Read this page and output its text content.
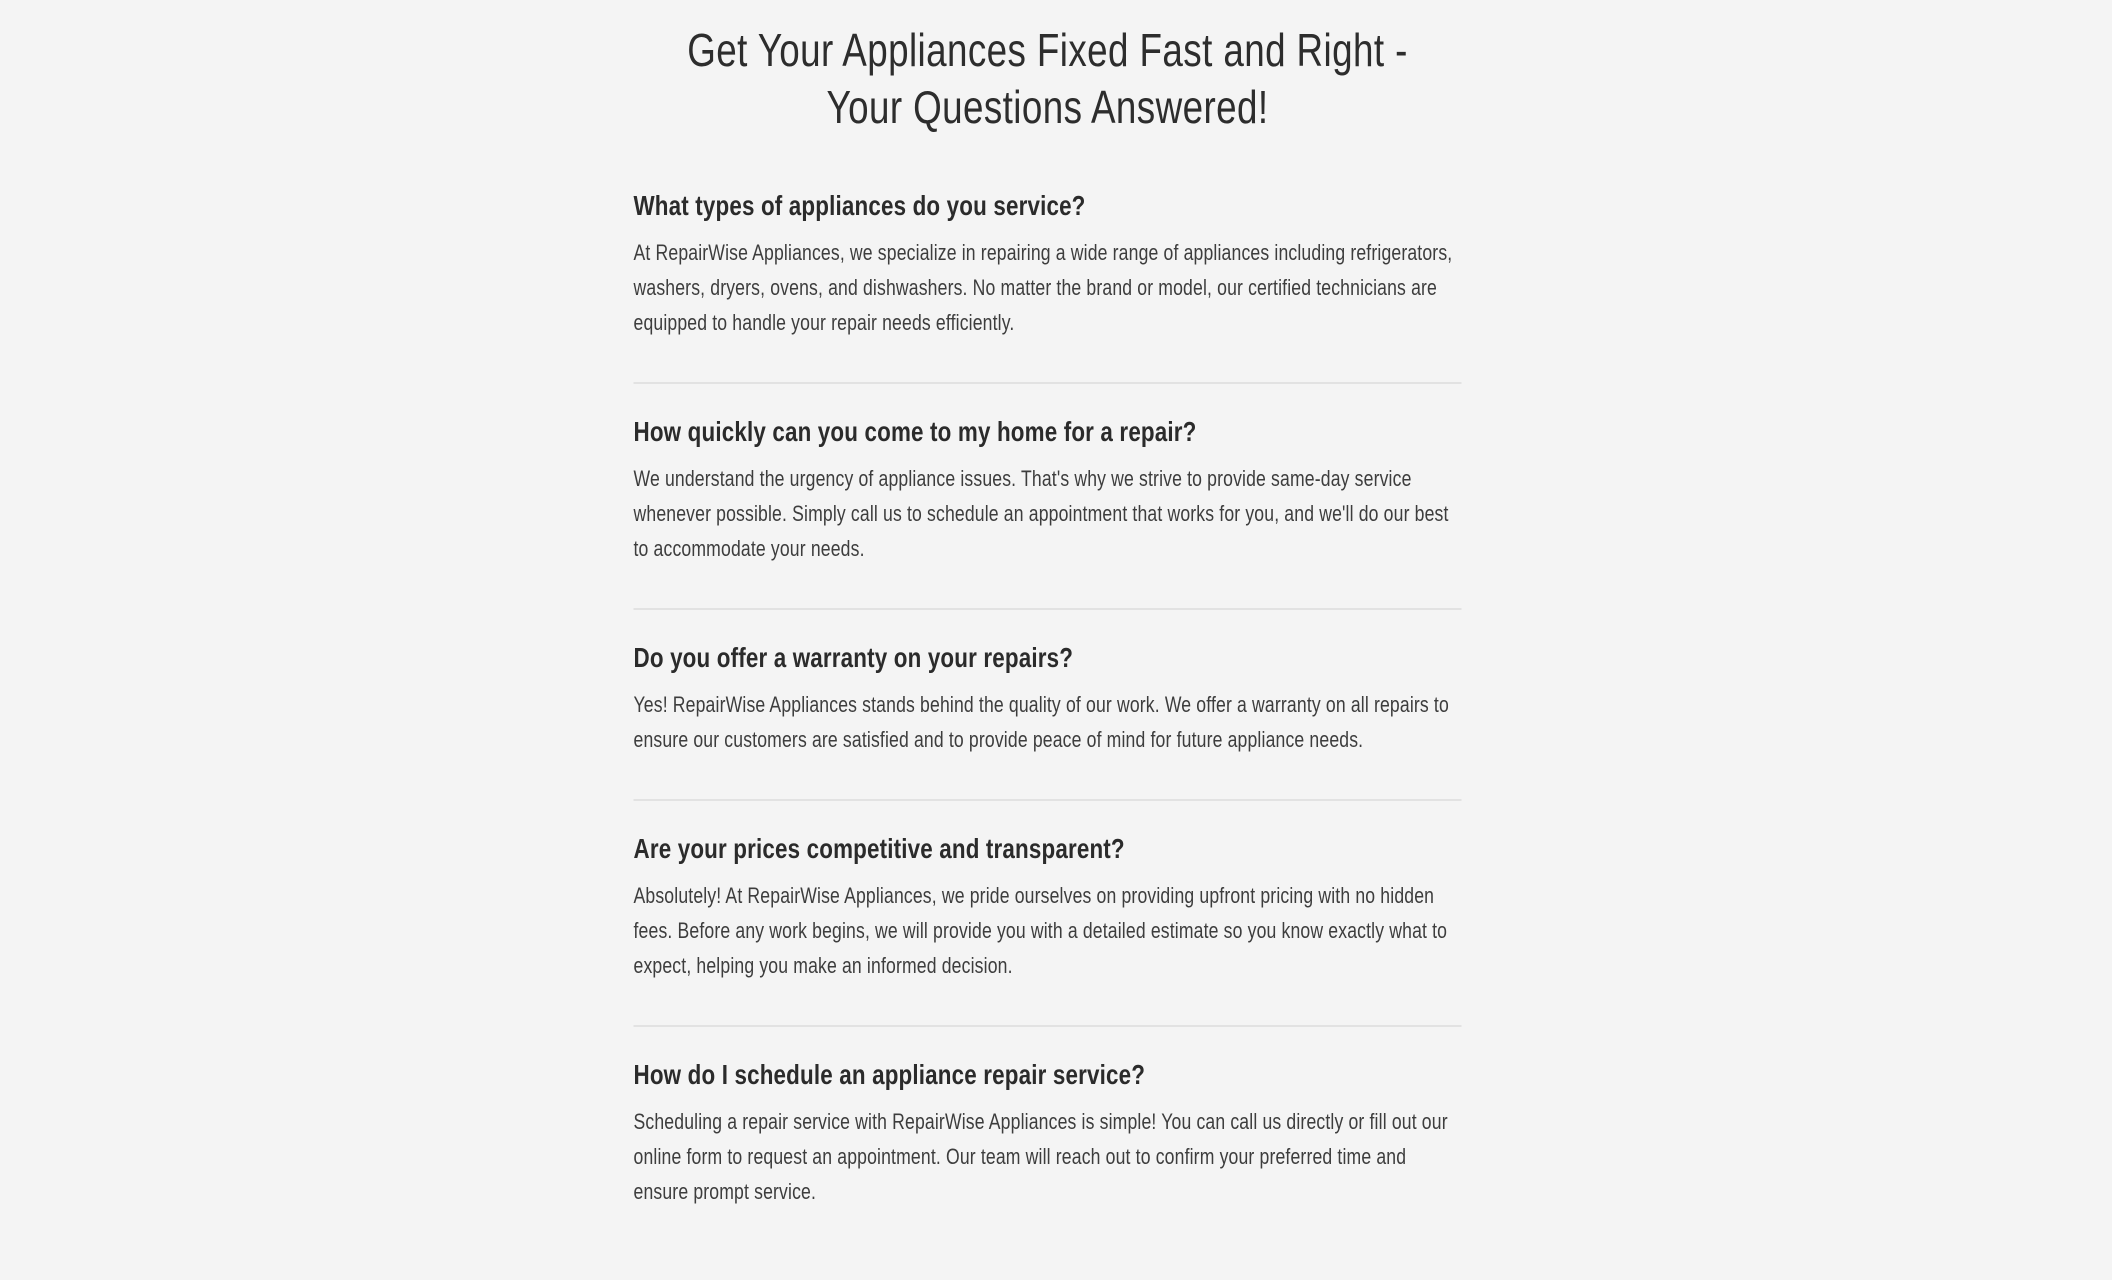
Get Your Appliances Fixed Fast and Right -
Your Questions Answered!
What types of appliances do you service?

At RepairWise Appliances, we specialize in repairing a wide range of appliances including refrigerators, washers, dryers, ovens, and dishwashers. No matter the brand or model, our certified technicians are equipped to handle your repair needs efficiently.

How quickly can you come to my home for a repair?

We understand the urgency of appliance issues. That's why we strive to provide same-day service whenever possible. Simply call us to schedule an appointment that works for you, and we'll do our best to accommodate your needs.

Do you offer a warranty on your repairs?

Yes! RepairWise Appliances stands behind the quality of our work. We offer a warranty on all repairs to ensure our customers are satisfied and to provide peace of mind for future appliance needs.

Are your prices competitive and transparent?

Absolutely! At RepairWise Appliances, we pride ourselves on providing upfront pricing with no hidden fees. Before any work begins, we will provide you with a detailed estimate so you know exactly what to expect, helping you make an informed decision.

How do I schedule an appliance repair service?

Scheduling a repair service with RepairWise Appliances is simple! You can call us directly or fill out our online form to request an appointment. Our team will reach out to confirm your preferred time and ensure prompt service.
